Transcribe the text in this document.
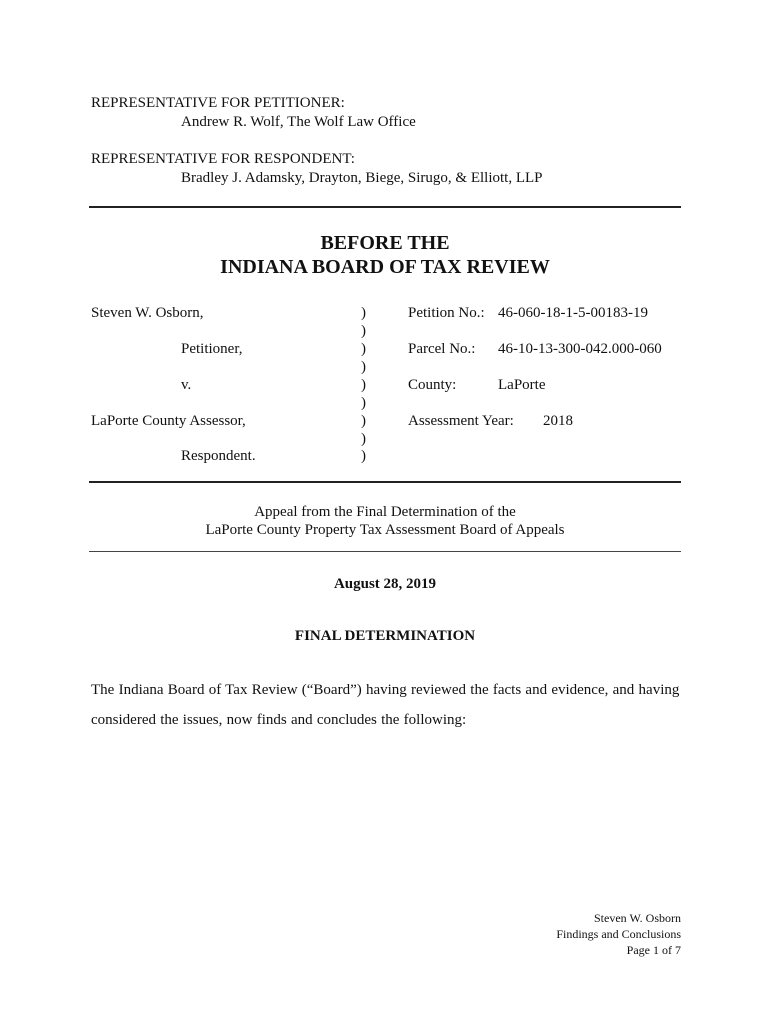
REPRESENTATIVE FOR PETITIONER:
Andrew R. Wolf, The Wolf Law Office
REPRESENTATIVE FOR RESPONDENT:
Bradley J. Adamsky, Drayton, Biege, Sirugo, & Elliott, LLP
BEFORE THE
INDIANA BOARD OF TAX REVIEW
Steven W. Osborn,
Petitioner,
v.
LaPorte County Assessor,
Respondent.
)
)
)
)
)
)
)
)
)
Petition No.: 46-060-18-1-5-00183-19
Parcel No.: 46-10-13-300-042.000-060
County:	LaPorte
Assessment Year: 2018
Appeal from the Final Determination of the
LaPorte County Property Tax Assessment Board of Appeals
August 28, 2019
FINAL DETERMINATION
The Indiana Board of Tax Review (“Board”) having reviewed the facts and evidence, and having
considered the issues, now finds and concludes the following:
Steven W. Osborn
Findings and Conclusions
Page 1 of 7
